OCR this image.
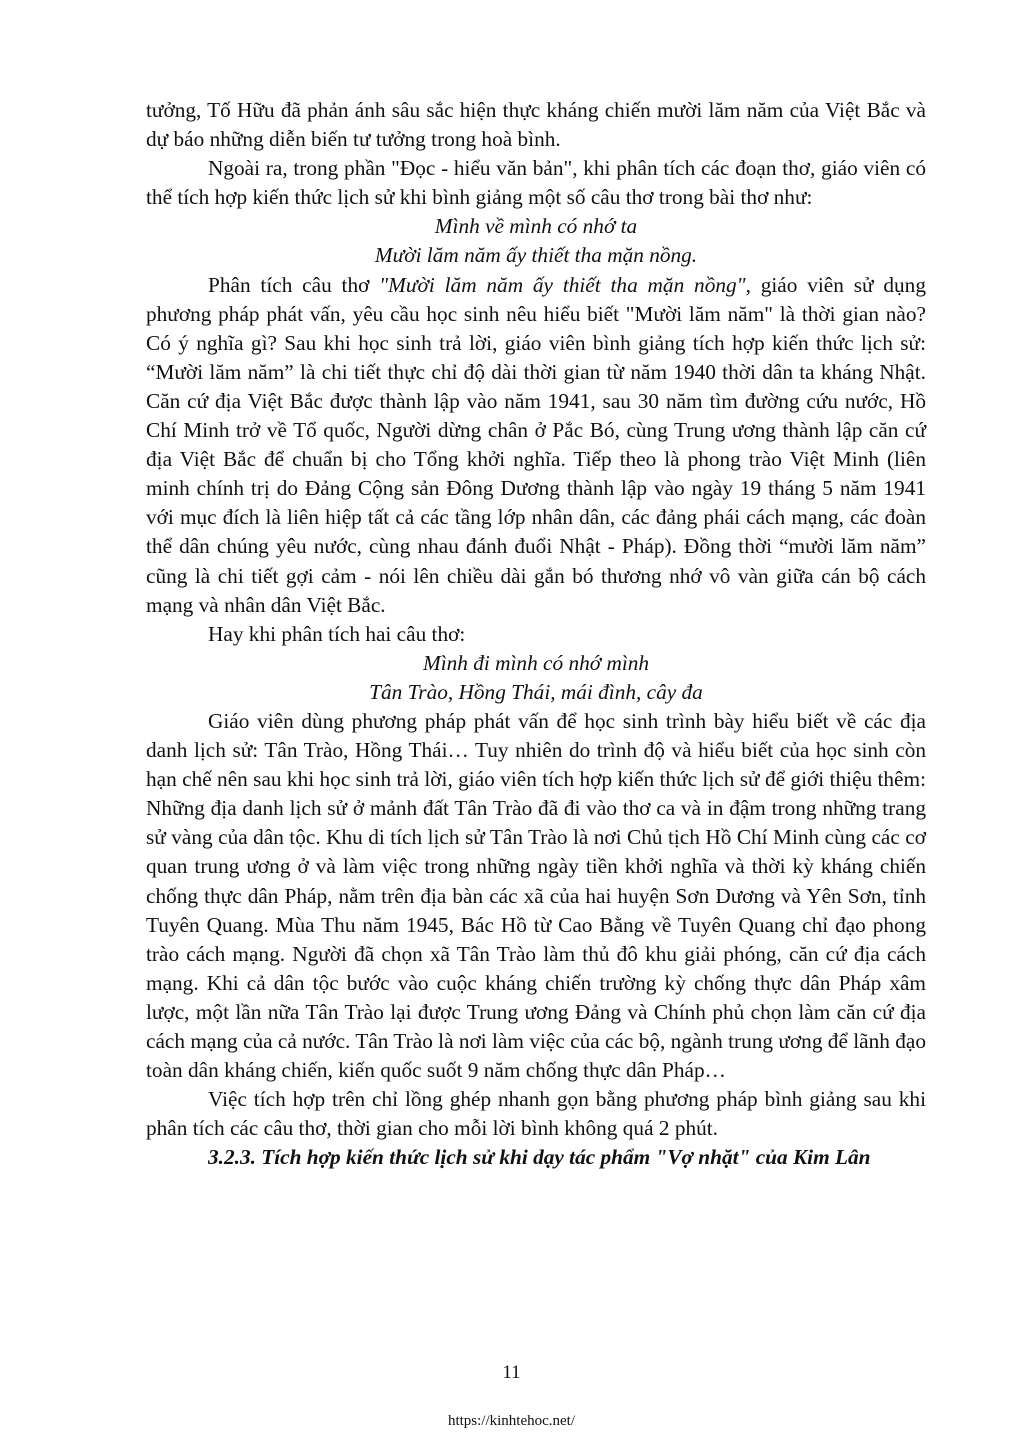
tưởng, Tố Hữu đã phản ánh sâu sắc hiện thực kháng chiến mười lăm năm của Việt Bắc và dự báo những diễn biến tư tưởng trong hoà bình.

Ngoài ra, trong phần "Đọc - hiểu văn bản", khi phân tích các đoạn thơ, giáo viên có thể tích hợp kiến thức lịch sử khi bình giảng một số câu thơ trong bài thơ như:

Mình về mình có nhớ ta

Mười lăm năm ấy thiết tha mặn nồng.

Phân tích câu thơ "Mười lăm năm ấy thiết tha mặn nồng", giáo viên sử dụng phương pháp phát vấn, yêu cầu học sinh nêu hiểu biết "Mười lăm năm" là thời gian nào? Có ý nghĩa gì? Sau khi học sinh trả lời, giáo viên bình giảng tích hợp kiến thức lịch sử: “Mười lăm năm” là chi tiết thực chỉ độ dài thời gian từ năm 1940 thời dân ta kháng Nhật. Căn cứ địa Việt Bắc được thành lập vào năm 1941, sau 30 năm tìm đường cứu nước, Hồ Chí Minh trở về Tổ quốc, Người dừng chân ở Pắc Bó, cùng Trung ương thành lập căn cứ địa Việt Bắc để chuẩn bị cho Tổng khởi nghĩa. Tiếp theo là phong trào Việt Minh (liên minh chính trị do Đảng Cộng sản Đông Dương thành lập vào ngày 19 tháng 5 năm 1941 với mục đích là liên hiệp tất cả các tầng lớp nhân dân, các đảng phái cách mạng, các đoàn thể dân chúng yêu nước, cùng nhau đánh đuổi Nhật - Pháp). Đồng thời “mười lăm năm” cũng là chi tiết gợi cảm - nói lên chiều dài gắn bó thương nhớ vô vàn giữa cán bộ cách mạng và nhân dân Việt Bắc.

Hay khi phân tích hai câu thơ:

Mình đi mình có nhớ mình

Tân Trào, Hồng Thái, mái đình, cây đa

Giáo viên dùng phương pháp phát vấn để học sinh trình bày hiểu biết về các địa danh lịch sử: Tân Trào, Hồng Thái… Tuy nhiên do trình độ và hiểu biết của học sinh còn hạn chế nên sau khi học sinh trả lời, giáo viên tích hợp kiến thức lịch sử để giới thiệu thêm: Những địa danh lịch sử ở mảnh đất Tân Trào đã đi vào thơ ca và in đậm trong những trang sử vàng của dân tộc. Khu di tích lịch sử Tân Trào là nơi Chủ tịch Hồ Chí Minh cùng các cơ quan trung ương ở và làm việc trong những ngày tiền khởi nghĩa và thời kỳ kháng chiến chống thực dân Pháp, nằm trên địa bàn các xã của hai huyện Sơn Dương và Yên Sơn, tỉnh Tuyên Quang. Mùa Thu năm 1945, Bác Hồ từ Cao Bằng về Tuyên Quang chỉ đạo phong trào cách mạng. Người đã chọn xã Tân Trào làm thủ đô khu giải phóng, căn cứ địa cách mạng. Khi cả dân tộc bước vào cuộc kháng chiến trường kỳ chống thực dân Pháp xâm lược, một lần nữa Tân Trào lại được Trung ương Đảng và Chính phủ chọn làm căn cứ địa cách mạng của cả nước. Tân Trào là nơi làm việc của các bộ, ngành trung ương để lãnh đạo toàn dân kháng chiến, kiến quốc suốt 9 năm chống thực dân Pháp…

Việc tích hợp trên chỉ lồng ghép nhanh gọn bằng phương pháp bình giảng sau khi phân tích các câu thơ, thời gian cho mỗi lời bình không quá 2 phút.

3.2.3. Tích hợp kiến thức lịch sử khi dạy tác phẩm "Vợ nhặt" của Kim Lân

11
https://kinhtehoc.net/
